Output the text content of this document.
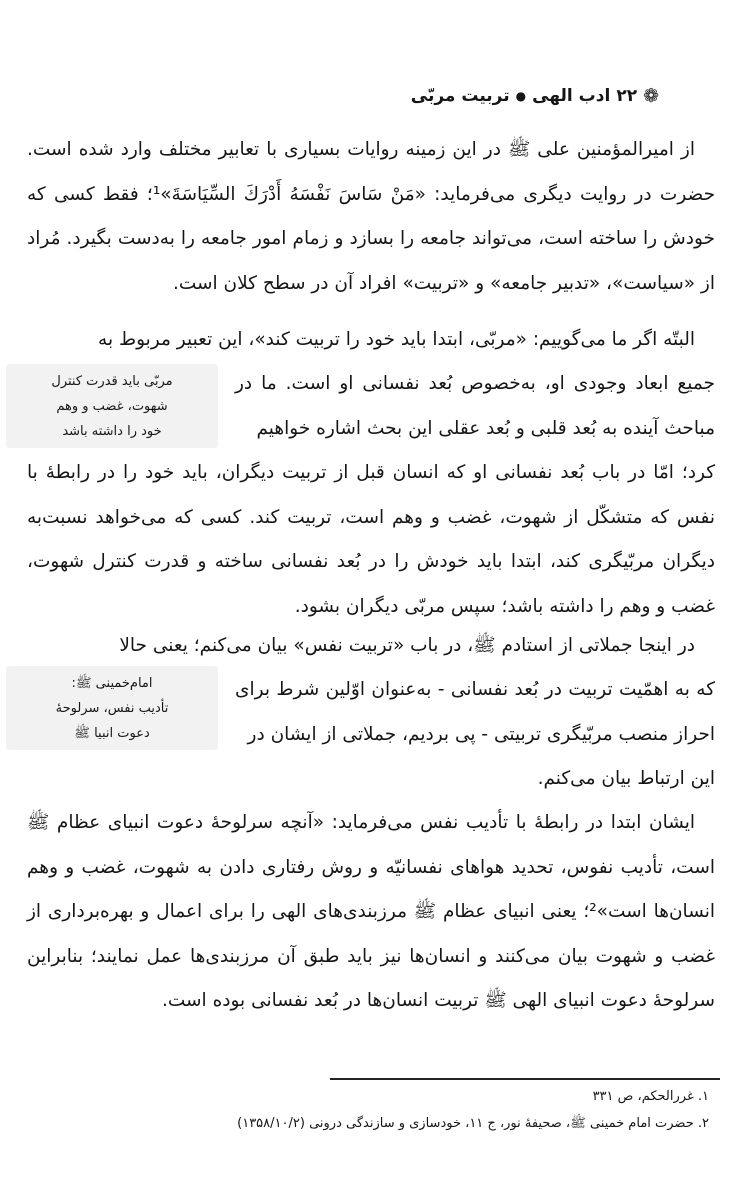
❁
۲۲
ادب الهی
●
تربیت مربّی

از امیرالمؤمنین علی ﷺ در این زمینه روایات بسیاری با تعابیر مختلف وارد شده است. حضرت در روایت دیگری می‌فرماید: «مَنْ سَاسَ نَفْسَهُ أَدْرَكَ السِّيَاسَةَ»¹؛ فقط کسی که خودش را ساخته است، می‌تواند جامعه را بسازد و زمام امور جامعه را به‌دست بگیرد. مُراد از «سیاست»، «تدبیر جامعه» و «تربیت» افراد آن در سطح کلان است.

البتّه اگر ما می‌گوییم: «مربّی، ابتدا باید خود را تربیت کند»، این تعبیر مربوط به

جمیع ابعاد وجودی او، به‌خصوص بُعد نفسانی او است. ما در مباحث آینده به بُعد قلبی و بُعد عقلی این بحث اشاره خواهیم

مربّی باید قدرت کنترل
شهوت، غضب و وهم
خود را داشته باشد

کرد؛ امّا در باب بُعد نفسانی او که انسان قبل از تربیت دیگران، باید خود را در رابطهٔ با نفس که متشکّل از شهوت، غضب و وهم است، تربیت کند. کسی که می‌خواهد نسبت‌به دیگران مربّیگری کند، ابتدا باید خودش را در بُعد نفسانی ساخته و قدرت کنترل شهوت، غضب و وهم را داشته باشد؛ سپس مربّی دیگران بشود.

در اینجا جملاتی از استادم ﷺ، در باب «تربیت نفس» بیان می‌کنم؛ یعنی حالا

که به اهمّیت تربیت در بُعد نفسانی - به‌عنوان اوّلین شرط برای احراز منصب مربّیگری تربیتی - پی بردیم، جملاتی از ایشان در

امام‌خمینی ﷺ:
تأدیب نفس، سرلوحهٔ
دعوت انبیا ﷺ

این ارتباط بیان می‌کنم.

ایشان ابتدا در رابطهٔ با تأدیب نفس می‌فرماید: «آنچه سرلوحهٔ دعوت انبیای عظام ﷺ است، تأدیب نفوس، تحدید هواهای نفسانیّه و روش رفتاری دادن به شهوت، غضب و وهم انسان‌ها است»²؛ یعنی انبیای عظام ﷺ مرزبندی‌های الهی را برای اعمال و بهره‌برداری از غضب و شهوت بیان می‌کنند و انسان‌ها نیز باید طبق آن مرزبندی‌ها عمل نمایند؛ بنابراین سرلوحهٔ دعوت انبیای الهی ﷺ تربیت انسان‌ها در بُعد نفسانی بوده است.

۱. غررالحکم، ص ۳۳۱
۲. حضرت امام خمینی ﷺ، صحیفهٔ نور، ج ۱۱، خودسازی و سازندگی درونی (۱۳۵۸/۱۰/۲)
